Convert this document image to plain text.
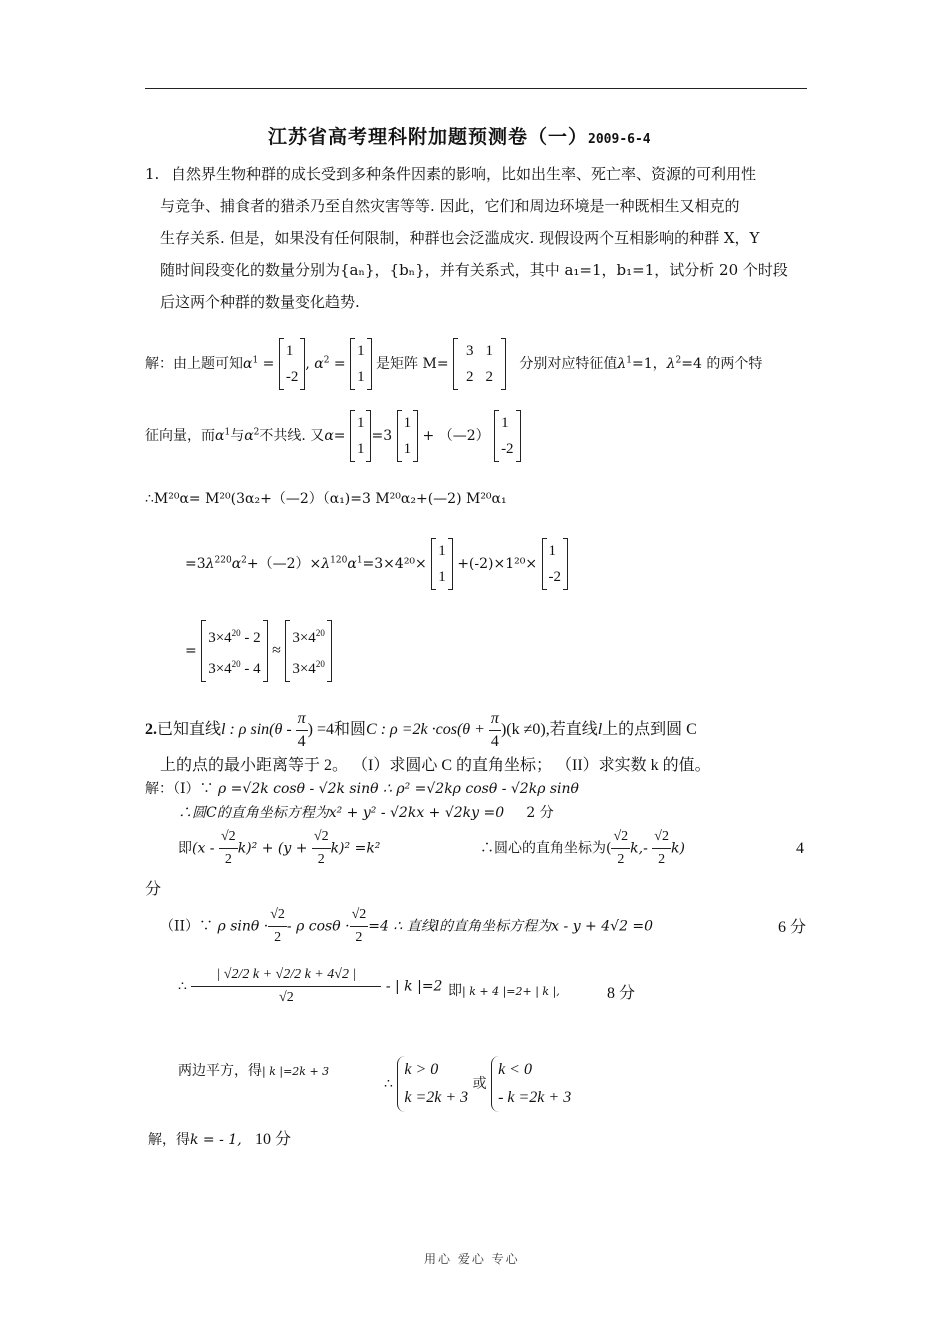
江苏省高考理科附加题预测卷（一）2009-6-4
1. 自然界生物种群的成长受到多种条件因素的影响，比如出生率、死亡率、资源的可利用性
与竞争、捕食者的猎杀乃至自然灾害等等. 因此，它们和周边环境是一种既相生又相克的
生存关系. 但是，如果没有任何限制，种群也会泛滥成灾. 现假设两个互相影响的种群 X，Y
随时间段变化的数量分别为{aₙ}，{bₙ}，并有关系式，其中 a₁=1，b₁=1，试分析 20 个时段
后这两个种群的数量变化趋势.
解：由上题可知$\alpha^1$ =
1
-2
, $\alpha^2$ =
1
1
是矩阵 M=
3	1
2	2
分别对应特征值$\lambda^1=1$，$\lambda^2=4$ 的两个特
征向量，而$\alpha^1$与$\alpha^2$不共线. 又α=
1
1
=3
1
1
+ （—2）
1
-2
∴M²⁰α= M²⁰(3α₂+（—2）（α₁)=3 M²⁰α₂+(—2) M²⁰α₁
$=3\lambda^{220}\alpha^2+(—2)\times\lambda^{120}\alpha^1=3\times 4^{20}\times$
1
1
+(-2)×1²⁰×
1
-2
=
$3\times 4^{20} - 2$
$3\times 4^{20} - 4$
≈
$3\times 4^{20}$
$3\times 4^{20}$
2.已知直线l : ρ $\sin(\theta - \frac{\pi}{4}$ ) =4和圆C : $\rho =2k \cdot\cos(\theta + \frac{\pi}{4} )(k \ne 0)$,若直线l上的点到圆 C
上的点的最小距离等于 2。 （I）求圆心 C 的直角坐标； （II）求实数 k 的值。
解：（I）∵ ρ =√2k cosθ - √2k sinθ ∴ ρ² =√2kρ cosθ - √2kρ sinθ
∴圆C的直角坐标方程为x² + y² - √2kx + √2ky =0 2 分
即$(x - \frac{√2}{2} k)^2 + (y + \frac{√2}{2} k)^2 =k^2$	∴圆心的直角坐标为( $\frac{√2}{2} k,- \frac{√2}{2} k$)	4
分
（II）∵ ρ $\sin\theta \cdot \frac{√2}{2} - \rho$ $\cos\theta \cdot \frac{√2}{2} =4$ ∴ 直线l的直角坐标方程为x - y + 4√2 =0	6 分
∴ $\frac{| √2/2 k + √2/2 k + 4√2 |}{√2}$ - | k |=2 即| k + 4 |=2+ | k |,	8 分
两边平方，得| k |=2k + 3
∴
k > 0
k =2k + 3
或
k < 0
- k =2k + 3
解，得k = - 1, 10 分
用心 爱心 专心
